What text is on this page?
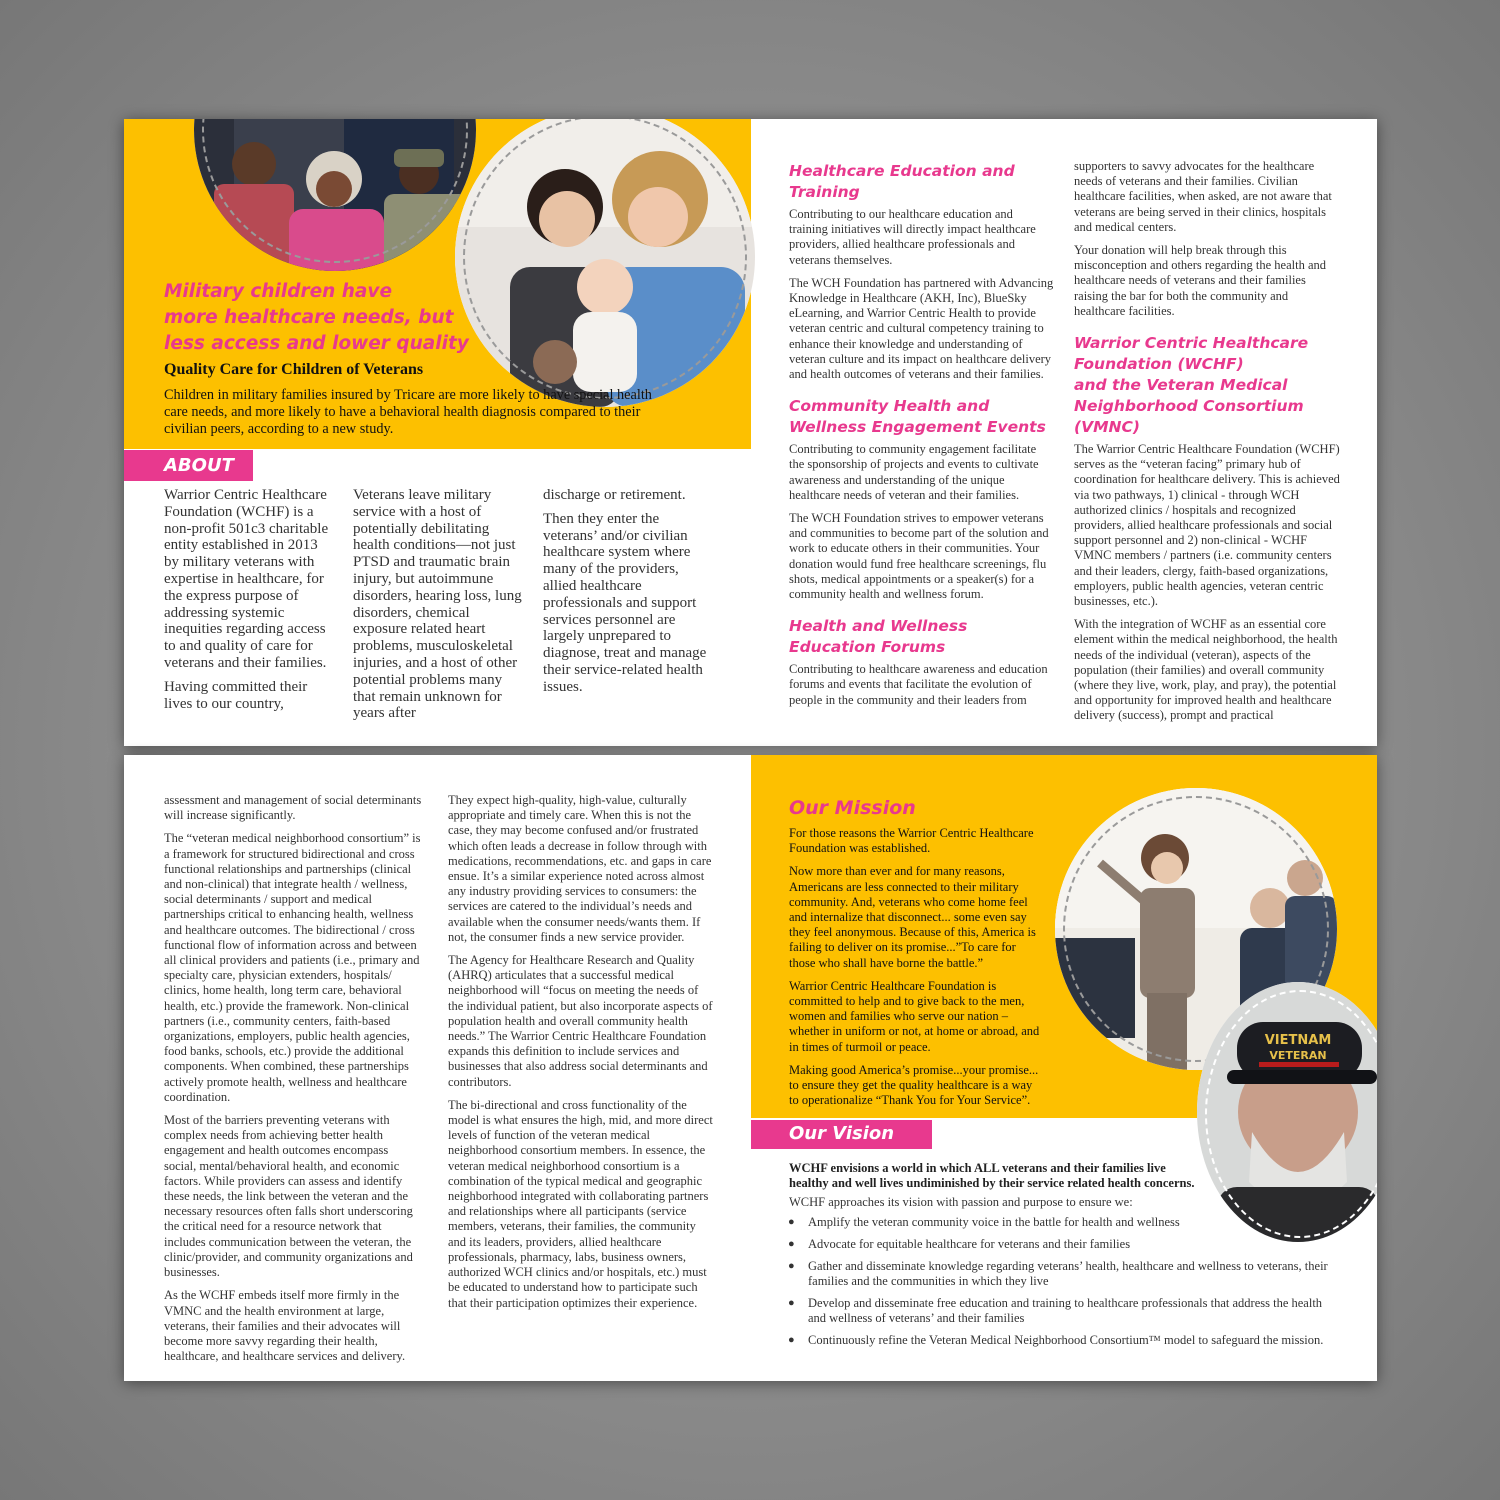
Military children have
more healthcare needs, but
less access and lower quality
Quality Care for Children of Veterans
Children in military families insured by Tricare are more likely to have special health care needs, and more likely to have a behavioral health diagnosis compared to their civilian peers, according to a new study.
ABOUT

Warrior Centric Healthcare Foundation (WCHF) is a non-profit 501c3 charitable entity established in 2013 by military veterans with expertise in healthcare, for the express purpose of addressing systemic inequities regarding access to and quality of care for veterans and their families.

Having committed their lives to our country,

Veterans leave military service with a host of potentially debilitating health conditions—not just PTSD and traumatic brain injury, but autoimmune disorders, hearing loss, lung disorders, chemical exposure related heart problems, musculoskeletal injuries, and a host of other potential problems many that remain unknown for years after

discharge or retirement.

Then they enter the veterans’ and/or civilian healthcare system where many of the providers, allied healthcare professionals and support services personnel are largely unprepared to diagnose, treat and manage their service-related health issues.

Healthcare Education and
Training

Contributing to our healthcare education and training initiatives will directly impact healthcare providers, allied healthcare professionals and veterans themselves.

The WCH Foundation has partnered with Advancing Knowledge in Healthcare (AKH, Inc), BlueSky eLearning, and Warrior Centric Health to provide veteran centric and cultural competency training to enhance their knowledge and understanding of veteran culture and its impact on healthcare delivery and health outcomes of veterans and their families.

Community Health and
Wellness Engagement Events

Contributing to community engagement facilitate the sponsorship of projects and events to cultivate awareness and understanding of the unique healthcare needs of veteran and their families.

The WCH Foundation strives to empower veterans and communities to become part of the solution and work to educate others in their communities. Your donation would fund free healthcare screenings, flu shots, medical appointments or a speaker(s) for a community health and wellness forum.

Health and Wellness
Education Forums

Contributing to healthcare awareness and education forums and events that facilitate the evolution of people in the community and their leaders from

supporters to savvy advocates for the healthcare needs of veterans and their families. Civilian healthcare facilities, when asked, are not aware that veterans are being served in their clinics, hospitals and medical centers.

Your donation will help break through this misconception and others regarding the health and healthcare needs of veterans and their families raising the bar for both the community and healthcare facilities.

Warrior Centric Healthcare
Foundation (WCHF)
and the Veteran Medical
Neighborhood Consortium
(VMNC)

The Warrior Centric Healthcare Foundation (WCHF) serves as the “veteran facing” primary hub of coordination for healthcare delivery. This is achieved via two pathways, 1) clinical - through WCH authorized clinics / hospitals and recognized providers, allied healthcare professionals and social support personnel and 2) non-clinical - WCHF VMNC members / partners (i.e. community centers and their leaders, clergy, faith-based organizations, employers, public health agencies, veteran centric businesses, etc.).

With the integration of WCHF as an essential core element within the medical neighborhood, the health needs of the individual (veteran), aspects of the population (their families) and overall community (where they live, work, play, and pray), the potential and opportunity for improved health and healthcare delivery (success), prompt and practical

assessment and management of social determinants will increase significantly.

The “veteran medical neighborhood consortium” is a framework for structured bidirectional and cross functional relationships and partnerships (clinical and non-clinical) that integrate health / wellness, social determinants / support and medical partnerships critical to enhancing health, wellness and healthcare outcomes. The bidirectional / cross functional flow of information across and between all clinical providers and patients (i.e., primary and specialty care, physician extenders, hospitals/ clinics, home health, long term care, behavioral health, etc.) provide the framework. Non-clinical partners (i.e., community centers, faith-based organizations, employers, public health agencies, food banks, schools, etc.) provide the additional components. When combined, these partnerships actively promote health, wellness and healthcare coordination.

Most of the barriers preventing veterans with complex needs from achieving better health engagement and health outcomes encompass social, mental/behavioral health, and economic factors. While providers can assess and identify these needs, the link between the veteran and the necessary resources often falls short underscoring the critical need for a resource network that includes communication between the veteran, the clinic/provider, and community organizations and businesses.

As the WCHF embeds itself more firmly in the VMNC and the health environment at large, veterans, their families and their advocates will become more savvy regarding their health, healthcare, and healthcare services and delivery.

They expect high-quality, high-value, culturally appropriate and timely care. When this is not the case, they may become confused and/or frustrated which often leads a decrease in follow through with medications, recommendations, etc. and gaps in care ensue. It’s a similar experience noted across almost any industry providing services to consumers: the services are catered to the individual’s needs and available when the consumer needs/wants them. If not, the consumer finds a new service provider.

The Agency for Healthcare Research and Quality (AHRQ) articulates that a successful medical neighborhood will “focus on meeting the needs of the individual patient, but also incorporate aspects of population health and overall community health needs.” The Warrior Centric Healthcare Foundation expands this definition to include services and businesses that also address social determinants and contributors.

The bi-directional and cross functionality of the model is what ensures the high, mid, and more direct levels of function of the veteran medical neighborhood consortium members. In essence, the veteran medical neighborhood consortium is a combination of the typical medical and geographic neighborhood integrated with collaborating partners and relationships where all participants (service members, veterans, their families, the community and its leaders, providers, allied healthcare professionals, pharmacy, labs, business owners, authorized WCH clinics and/or hospitals, etc.) must be educated to understand how to participate such that their participation optimizes their experience.

Our Mission

For those reasons the Warrior Centric Healthcare Foundation was established.

Now more than ever and for many reasons, Americans are less connected to their military community. And, veterans who come home feel and internalize that disconnect... some even say they feel anonymous. Because of this, America is failing to deliver on its promise...”To care for those who shall have borne the battle.”

Warrior Centric Healthcare Foundation is committed to help and to give back to the men, women and families who serve our nation – whether in uniform or not, at home or abroad, and in times of turmoil or peace.

Making good America’s promise...your promise... to ensure they get the quality healthcare is a way to operationalize “Thank You for Your Service”.

Our Vision
VIETNAM
VETERAN
WCHF envisions a world in which ALL veterans and their families live healthy and well lives undiminished by their service related health concerns.
WCHF approaches its vision with passion and purpose to ensure we:
● Amplify the veteran community voice in the battle for health and wellness
● Advocate for equitable healthcare for veterans and their families
● Gather and disseminate knowledge regarding veterans’ health, healthcare and wellness to veterans, their families and the communities in which they live
● Develop and disseminate free education and training to healthcare professionals that address the health and wellness of veterans’ and their families
● Continuously refine the Veteran Medical Neighborhood Consortium™ model to safeguard the mission.
